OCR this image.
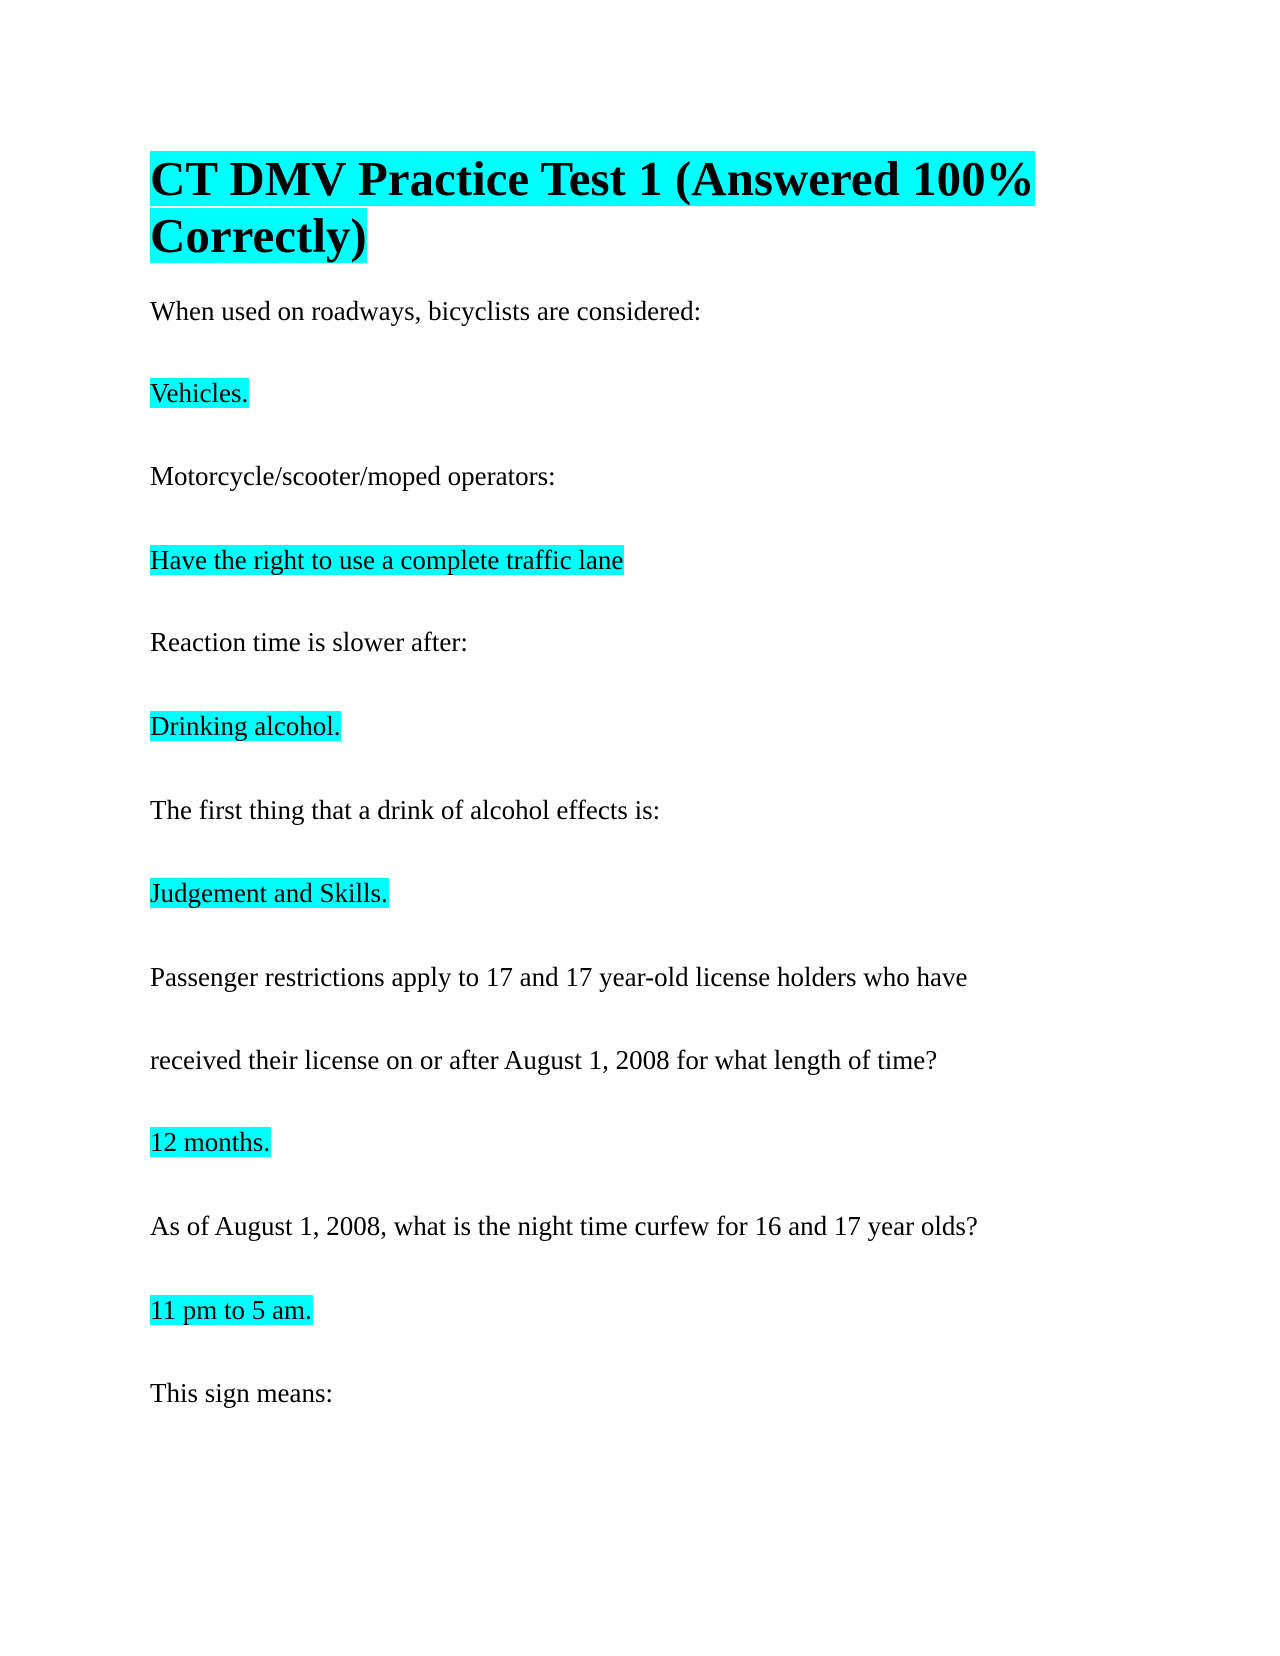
CT DMV Practice Test 1 (Answered 100% Correctly)
When used on roadways, bicyclists are considered:
Vehicles.
Motorcycle/scooter/moped operators:
Have the right to use a complete traffic lane
Reaction time is slower after:
Drinking alcohol.
The first thing that a drink of alcohol effects is:
Judgement and Skills.
Passenger restrictions apply to 17 and 17 year-old license holders who have
received their license on or after August 1, 2008 for what length of time?
12 months.
As of August 1, 2008, what is the night time curfew for 16 and 17 year olds?
11 pm to 5 am.
This sign means:
